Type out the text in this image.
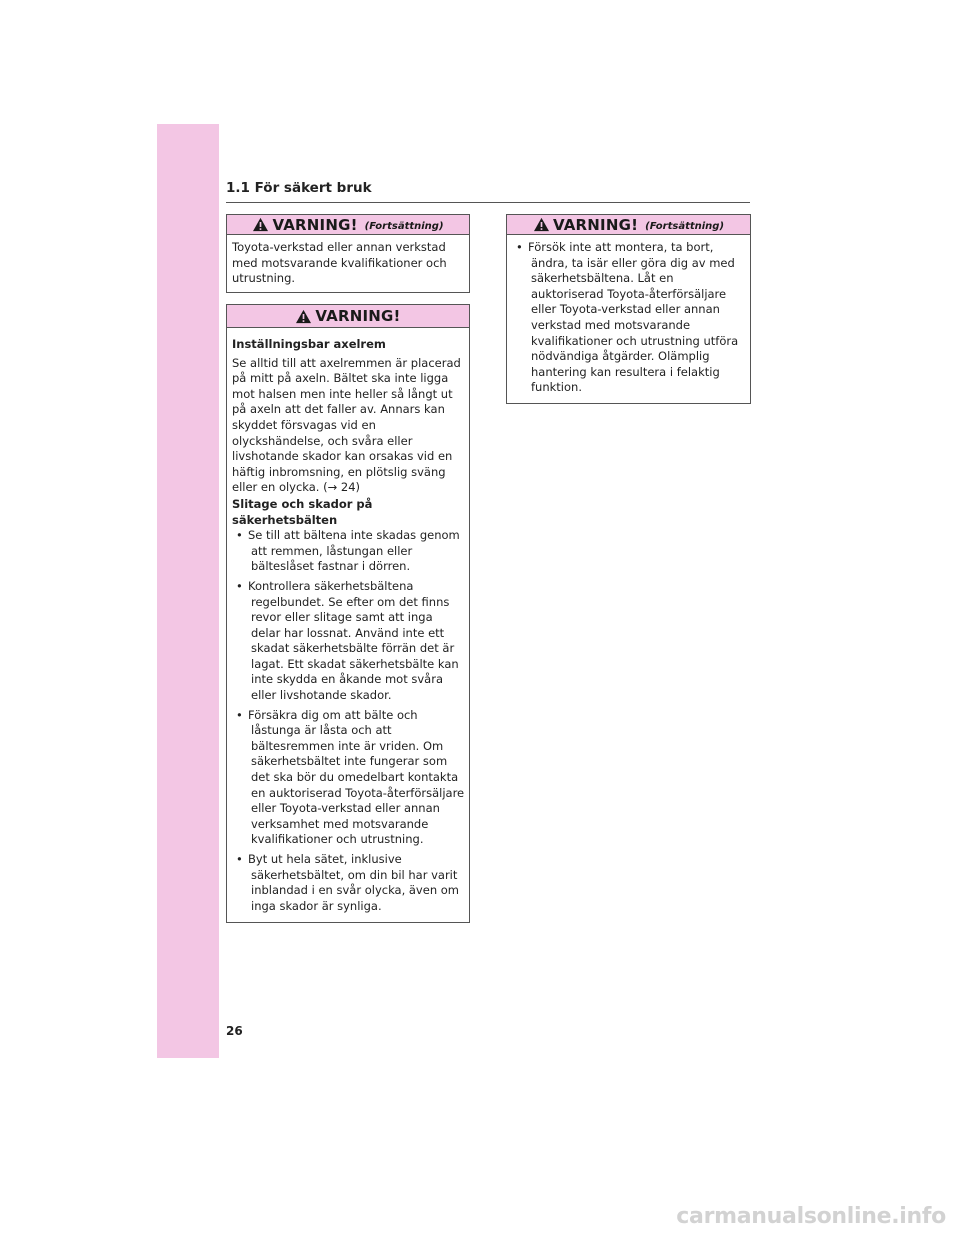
1.1 För säkert bruk
VARNING! (Fortsättning)

Toyota-verkstad eller annan verkstad med motsvarande kvalifikationer och utrustning.

VARNING!

Inställningsbar axelrem

Se alltid till att axelremmen är placerad på mitt på axeln. Bältet ska inte ligga mot halsen men inte heller så långt ut på axeln att det faller av. Annars kan skyddet försvagas vid en olyckshändelse, och svåra eller livshotande skador kan orsakas vid en häftig inbromsning, en plötslig sväng eller en olycka. (→ 24)

Slitage och skador på säkerhetsbälten

• Se till att bältena inte skadas genom att remmen, låstungan eller bälteslåset fastnar i dörren.
• Kontrollera säkerhetsbältena regelbundet. Se efter om det finns revor eller slitage samt att inga delar har lossnat. Använd inte ett skadat säkerhetsbälte förrän det är lagat. Ett skadat säkerhetsbälte kan inte skydda en åkande mot svåra eller livshotande skador.
• Försäkra dig om att bälte och låstunga är låsta och att bältesremmen inte är vriden. Om säkerhetsbältet inte fungerar som det ska bör du omedelbart kontakta en auktoriserad Toyota-återförsäljare eller Toyota-verkstad eller annan verksamhet med motsvarande kvalifikationer och utrustning.
• Byt ut hela sätet, inklusive säkerhetsbältet, om din bil har varit inblandad i en svår olycka, även om inga skador är synliga.
VARNING! (Fortsättning)
• Försök inte att montera, ta bort, ändra, ta isär eller göra dig av med säkerhetsbältena. Låt en auktoriserad Toyota-återförsäljare eller Toyota-verkstad eller annan verkstad med motsvarande kvalifikationer och utrustning utföra nödvändiga åtgärder. Olämplig hantering kan resultera i felaktig funktion.
26
carmanualsonline.info
